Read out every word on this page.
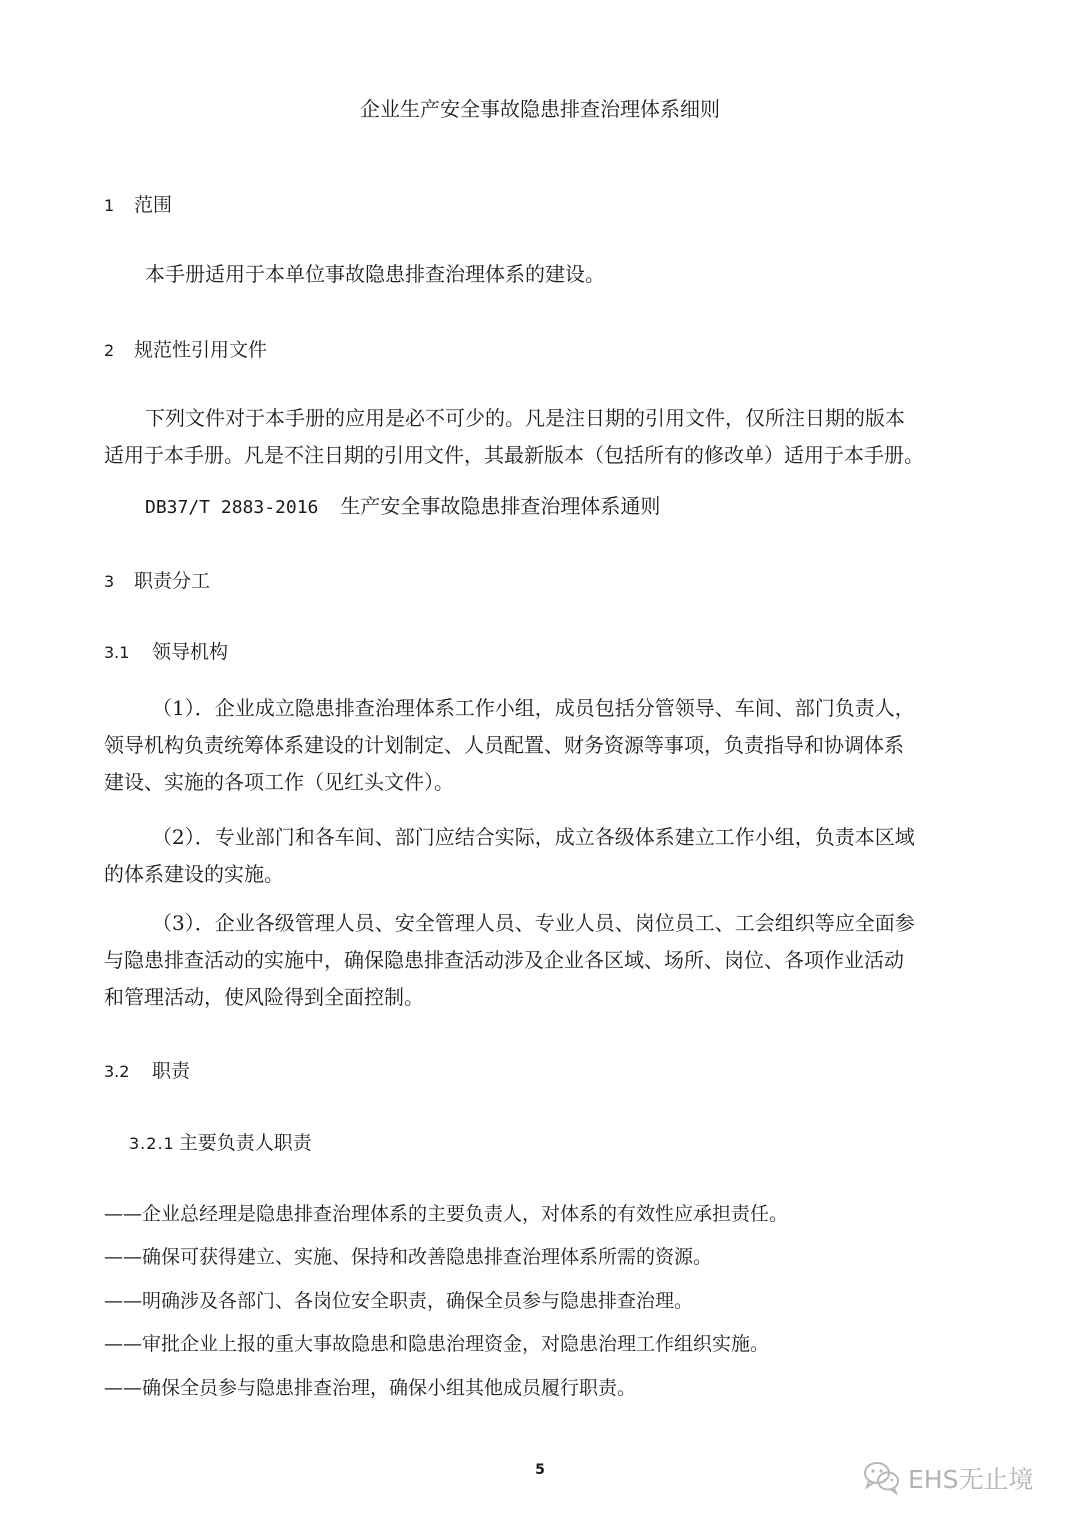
企业生产安全事故隐患排查治理体系细则
1 范围
本手册适用于本单位事故隐患排查治理体系的建设。
2 规范性引用文件

下列文件对于本手册的应用是必不可少的。凡是注日期的引用文件，仅所注日期的版本

适用于本手册。凡是不注日期的引用文件，其最新版本（包括所有的修改单）适用于本手册。

DB37/T 2883-2016 生产安全事故隐患排查治理体系通则
3 职责分工
3.1 领导机构

（1）．企业成立隐患排查治理体系工作小组，成员包括分管领导、车间、部门负责人，

领导机构负责统筹体系建设的计划制定、人员配置、财务资源等事项，负责指导和协调体系

建设、实施的各项工作（见红头文件）。

（2）．专业部门和各车间、部门应结合实际，成立各级体系建立工作小组，负责本区域

的体系建设的实施。

（3）．企业各级管理人员、安全管理人员、专业人员、岗位员工、工会组织等应全面参

与隐患排查活动的实施中，确保隐患排查活动涉及企业各区域、场所、岗位、各项作业活动

和管理活动，使风险得到全面控制。

3.2 职责
3.2.1 主要负责人职责
——企业总经理是隐患排查治理体系的主要负责人，对体系的有效性应承担责任。
——确保可获得建立、实施、保持和改善隐患排查治理体系所需的资源。
——明确涉及各部门、各岗位安全职责，确保全员参与隐患排查治理。
——审批企业上报的重大事故隐患和隐患治理资金，对隐患治理工作组织实施。
——确保全员参与隐患排查治理，确保小组其他成员履行职责。
5	EHS无止境
